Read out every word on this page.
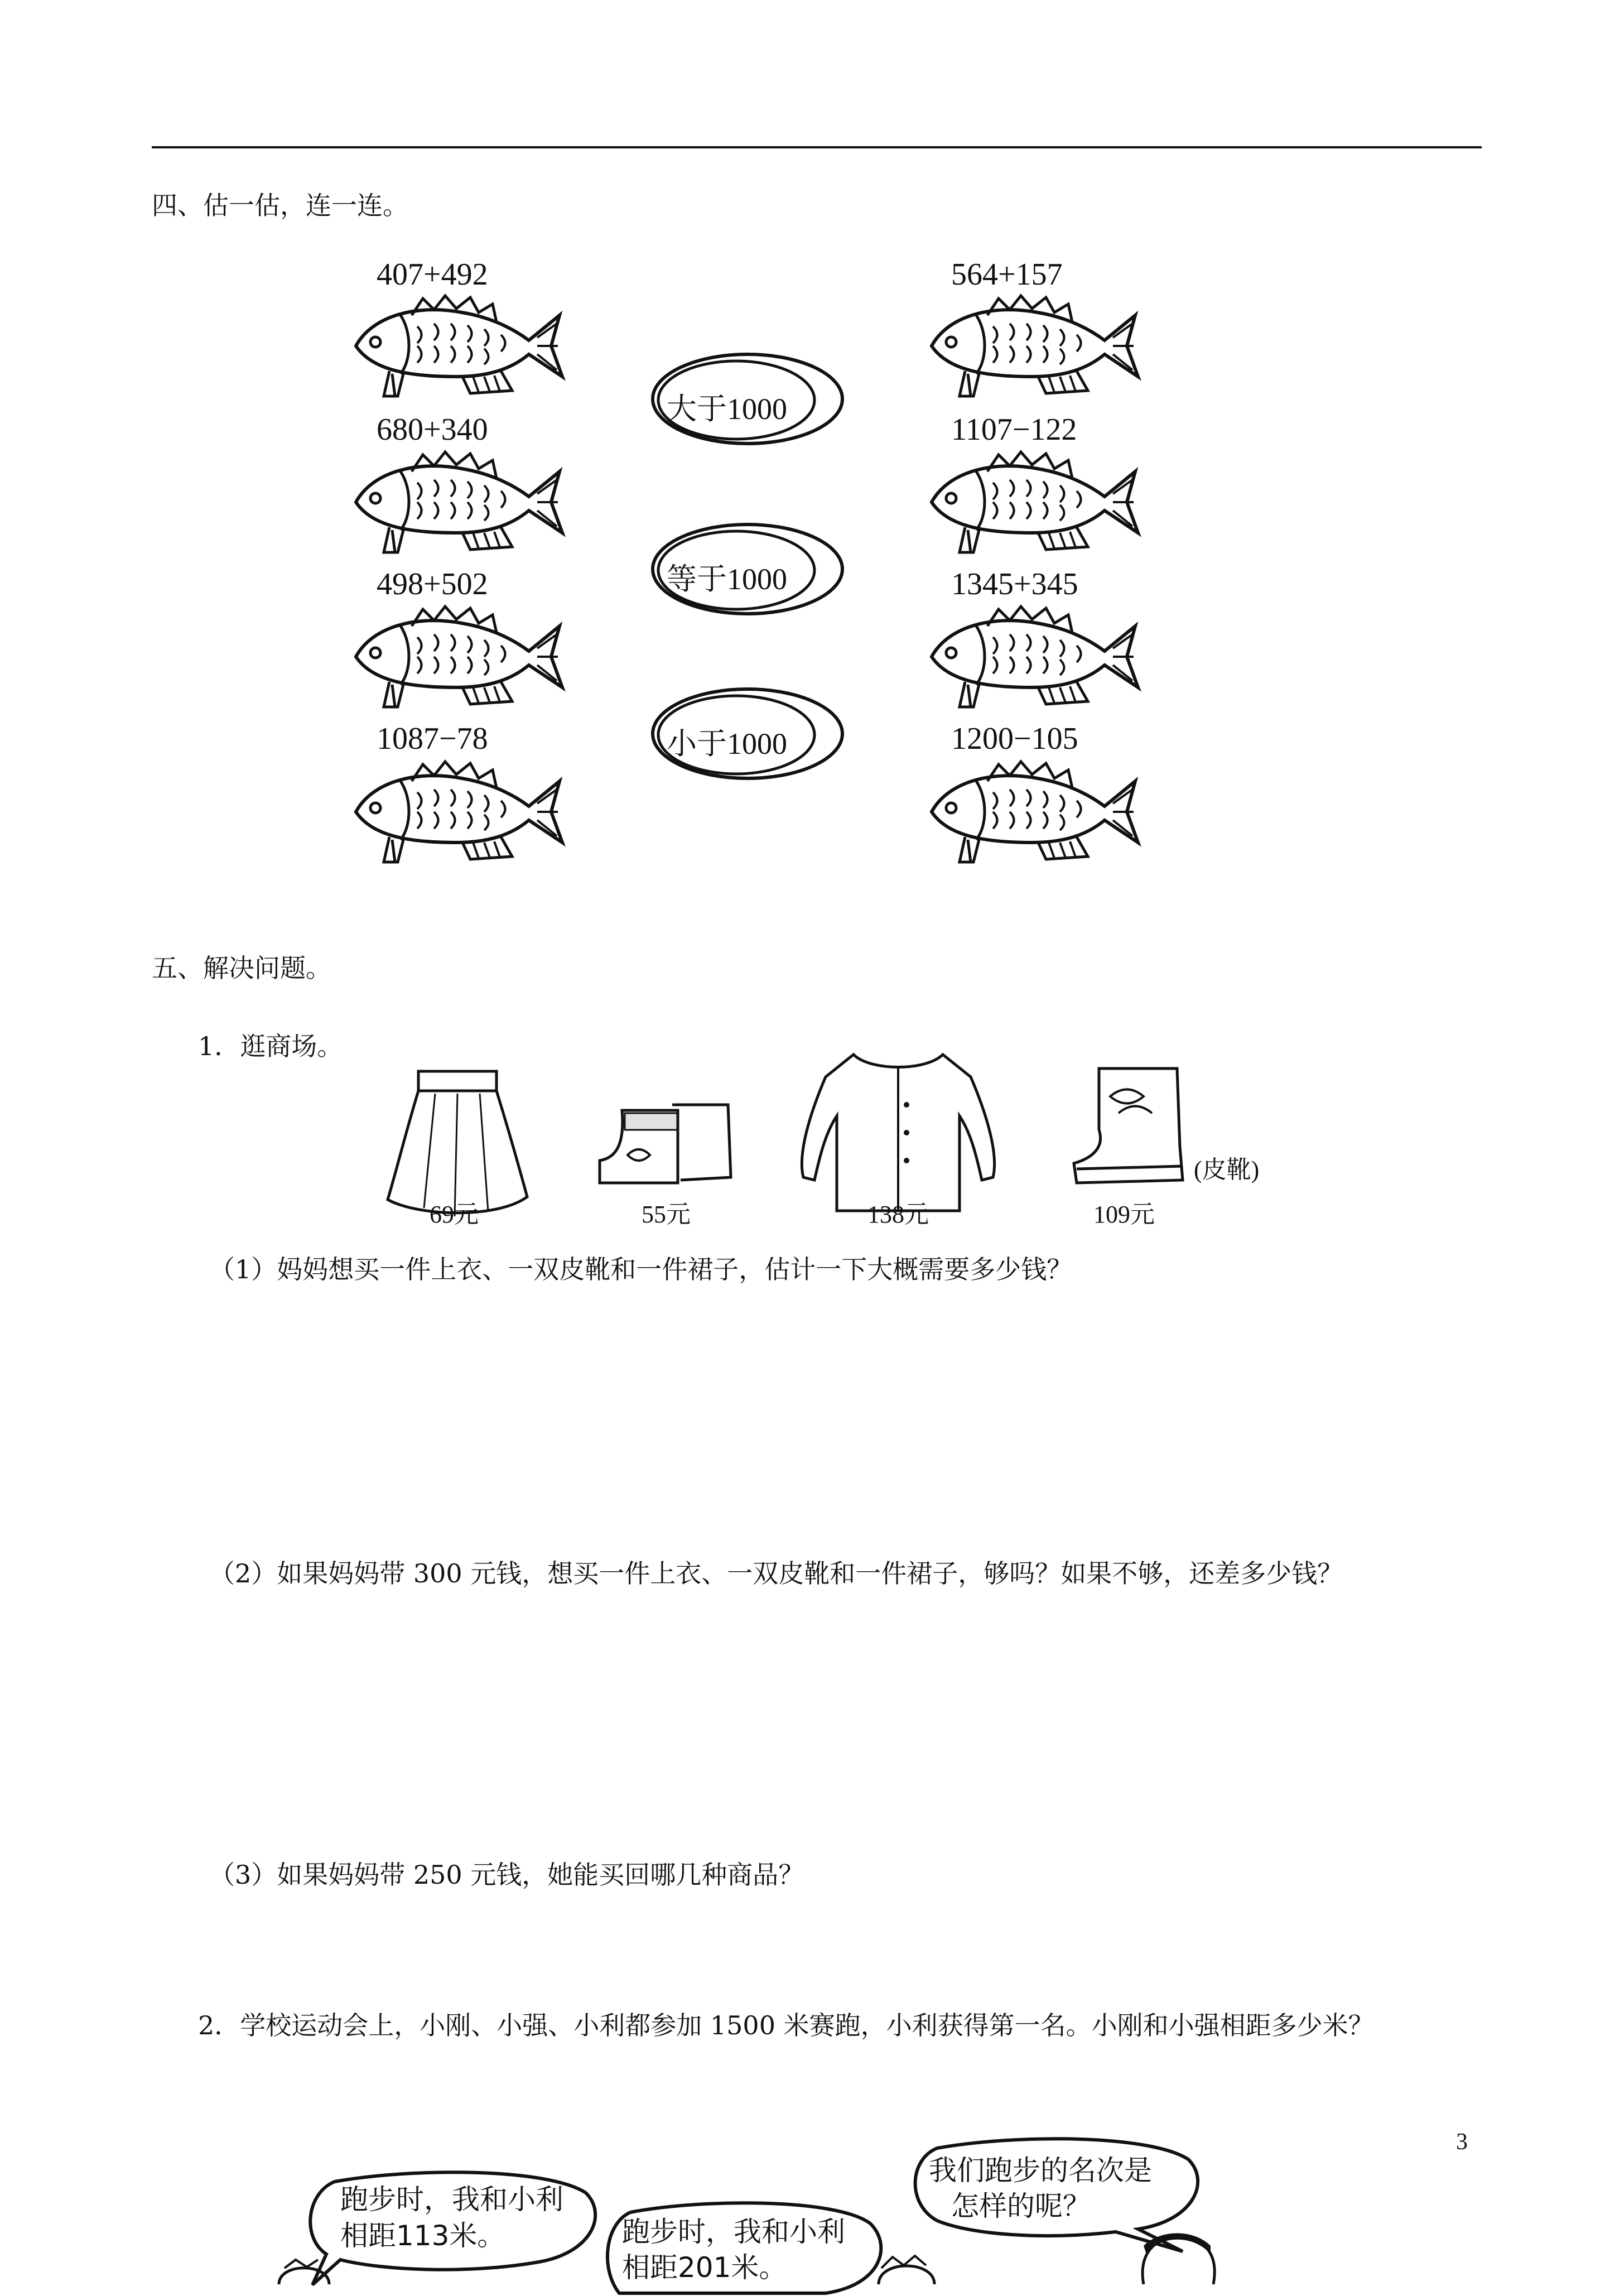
四、估一估，连一连。
407+492
680+340
498+502
1087−78
564+157
1107−122
1345+345
1200−105
大于1000
等于1000
小于1000
五、解决问题。
1．逛商场。
69元	55元	138元
(皮靴)
109元
（1）妈妈想买一件上衣、一双皮靴和一件裙子，估计一下大概需要多少钱？
（2）如果妈妈带 300 元钱，想买一件上衣、一双皮靴和一件裙子，够吗？如果不够，还差多少钱？
（3）如果妈妈带 250 元钱，她能买回哪几种商品？
2．学校运动会上，小刚、小强、小利都参加 1500 米赛跑，小利获得第一名。小刚和小强相距多少米？
3
跑步时，我和小利
相距113米。	跑步时，我和小利
相距201米。
我们跑步的名次是
怎样的呢？
